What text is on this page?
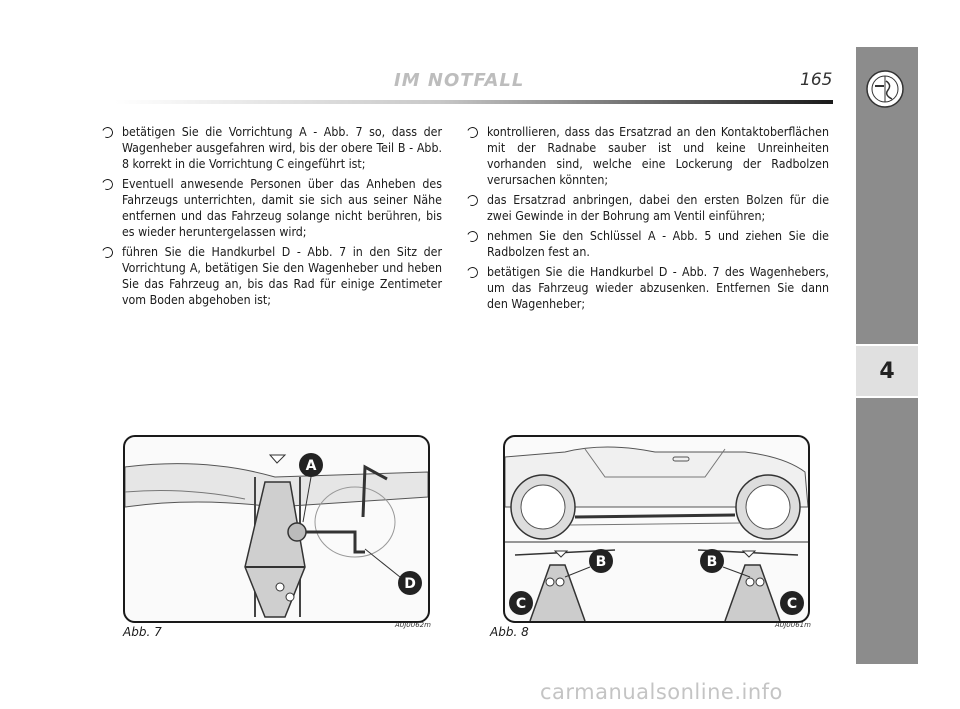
IM NOTFALL	165
4
betätigen Sie die Vorrichtung A - Abb. 7 so, dass der Wagenheber ausgefahren wird, bis der obere Teil B - Abb. 8 korrekt in die Vorrichtung C eingeführt ist;
Eventuell anwesende Personen über das Anheben des Fahrzeugs unterrichten, damit sie sich aus seiner Nähe entfernen und das Fahrzeug solange nicht berühren, bis es wieder heruntergelassen wird;
führen Sie die Handkurbel D - Abb. 7 in den Sitz der Vorrichtung A, betätigen Sie den Wagenheber und heben Sie das Fahrzeug an, bis das Rad für einige Zentimeter vom Boden abgehoben ist;
kontrollieren, dass das Ersatzrad an den Kontaktoberflächen mit der Radnabe sauber ist und keine Unreinheiten vorhanden sind, welche eine Lockerung der Radbolzen verursachen könnten;
das Ersatzrad anbringen, dabei den ersten Bolzen für die zwei Gewinde in der Bohrung am Ventil einführen;
nehmen Sie den Schlüssel A - Abb. 5 und ziehen Sie die Radbolzen fest an.
betätigen Sie die Handkurbel D - Abb. 7 des Wagenhebers, um das Fahrzeug wieder abzusenken. Entfernen Sie dann den Wagenheber;
A
D
Abb. 7	A0J0062m
B	B
C	C
Abb. 8	A0J0061m
carmanualsonline.info
